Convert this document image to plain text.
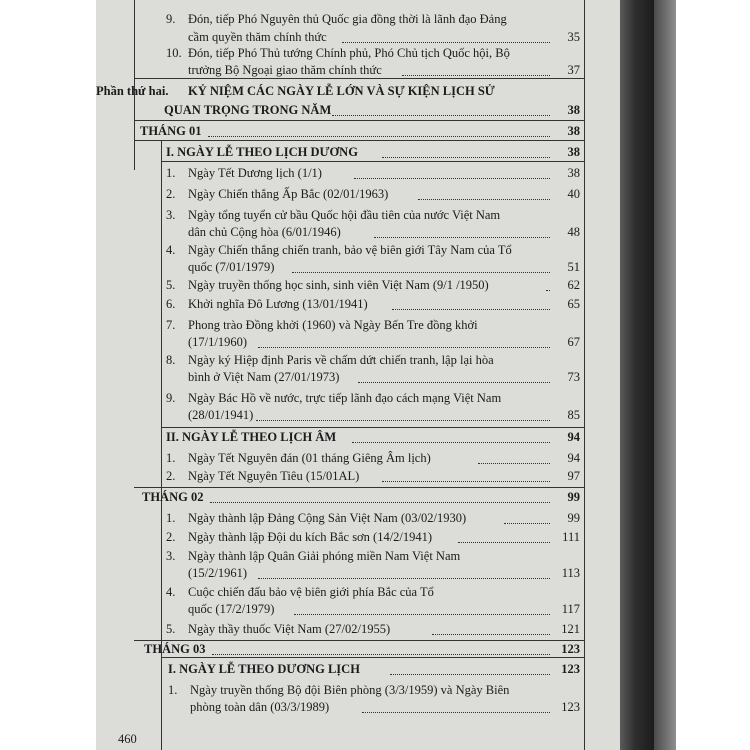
9. Đón, tiếp Phó Nguyên thủ Quốc gia đồng thời là lãnh đạo Đảng
cầm quyền thăm chính thức	35
10. Đón, tiếp Phó Thủ tướng Chính phủ, Phó Chủ tịch Quốc hội, Bộ
trưởng Bộ Ngoại giao thăm chính thức	37
Phần thứ hai. KỶ NIỆM CÁC NGÀY LỄ LỚN VÀ SỰ KIỆN LỊCH SỬ
QUAN TRỌNG TRONG NĂM	38
THÁNG 01	38
I. NGÀY LỄ THEO LỊCH DƯƠNG	38
1. Ngày Tết Dương lịch (1/1)	38
2. Ngày Chiến thắng Ấp Bắc (02/01/1963)	40
3. Ngày tổng tuyển cử bầu Quốc hội đầu tiên của nước Việt Nam
dân chủ Cộng hòa (6/01/1946)	48
4. Ngày Chiến thắng chiến tranh, bảo vệ biên giới Tây Nam của Tổ
quốc (7/01/1979)	51
5. Ngày truyền thống học sinh, sinh viên Việt Nam (9/1 /1950)	62
6. Khởi nghĩa Đô Lương (13/01/1941)	65
7. Phong trào Đồng khởi (1960) và Ngày Bến Tre đồng khởi
(17/1/1960)	67
8. Ngày ký Hiệp định Paris về chấm dứt chiến tranh, lập lại hòa
bình ở Việt Nam (27/01/1973)	73
9. Ngày Bác Hồ về nước, trực tiếp lãnh đạo cách mạng Việt Nam
(28/01/1941)	85
II. NGÀY LỄ THEO LỊCH ÂM	94
1. Ngày Tết Nguyên đán (01 tháng Giêng Âm lịch)	94
2. Ngày Tết Nguyên Tiêu (15/01AL)	97
THÁNG 02	99
1. Ngày thành lập Đảng Cộng Sản Việt Nam (03/02/1930)	99
2. Ngày thành lập Đội du kích Bắc sơn (14/2/1941)	111
3. Ngày thành lập Quân Giải phóng miền Nam Việt Nam
(15/2/1961)	113
4. Cuộc chiến đấu bảo vệ biên giới phía Bắc của Tổ
quốc (17/2/1979)	117
5. Ngày thầy thuốc Việt Nam (27/02/1955)	121
THÁNG 03	123
I. NGÀY LỄ THEO DƯƠNG LỊCH	123
1. Ngày truyền thống Bộ đội Biên phòng (3/3/1959) và Ngày Biên
phòng toàn dân (03/3/1989)	123
460
